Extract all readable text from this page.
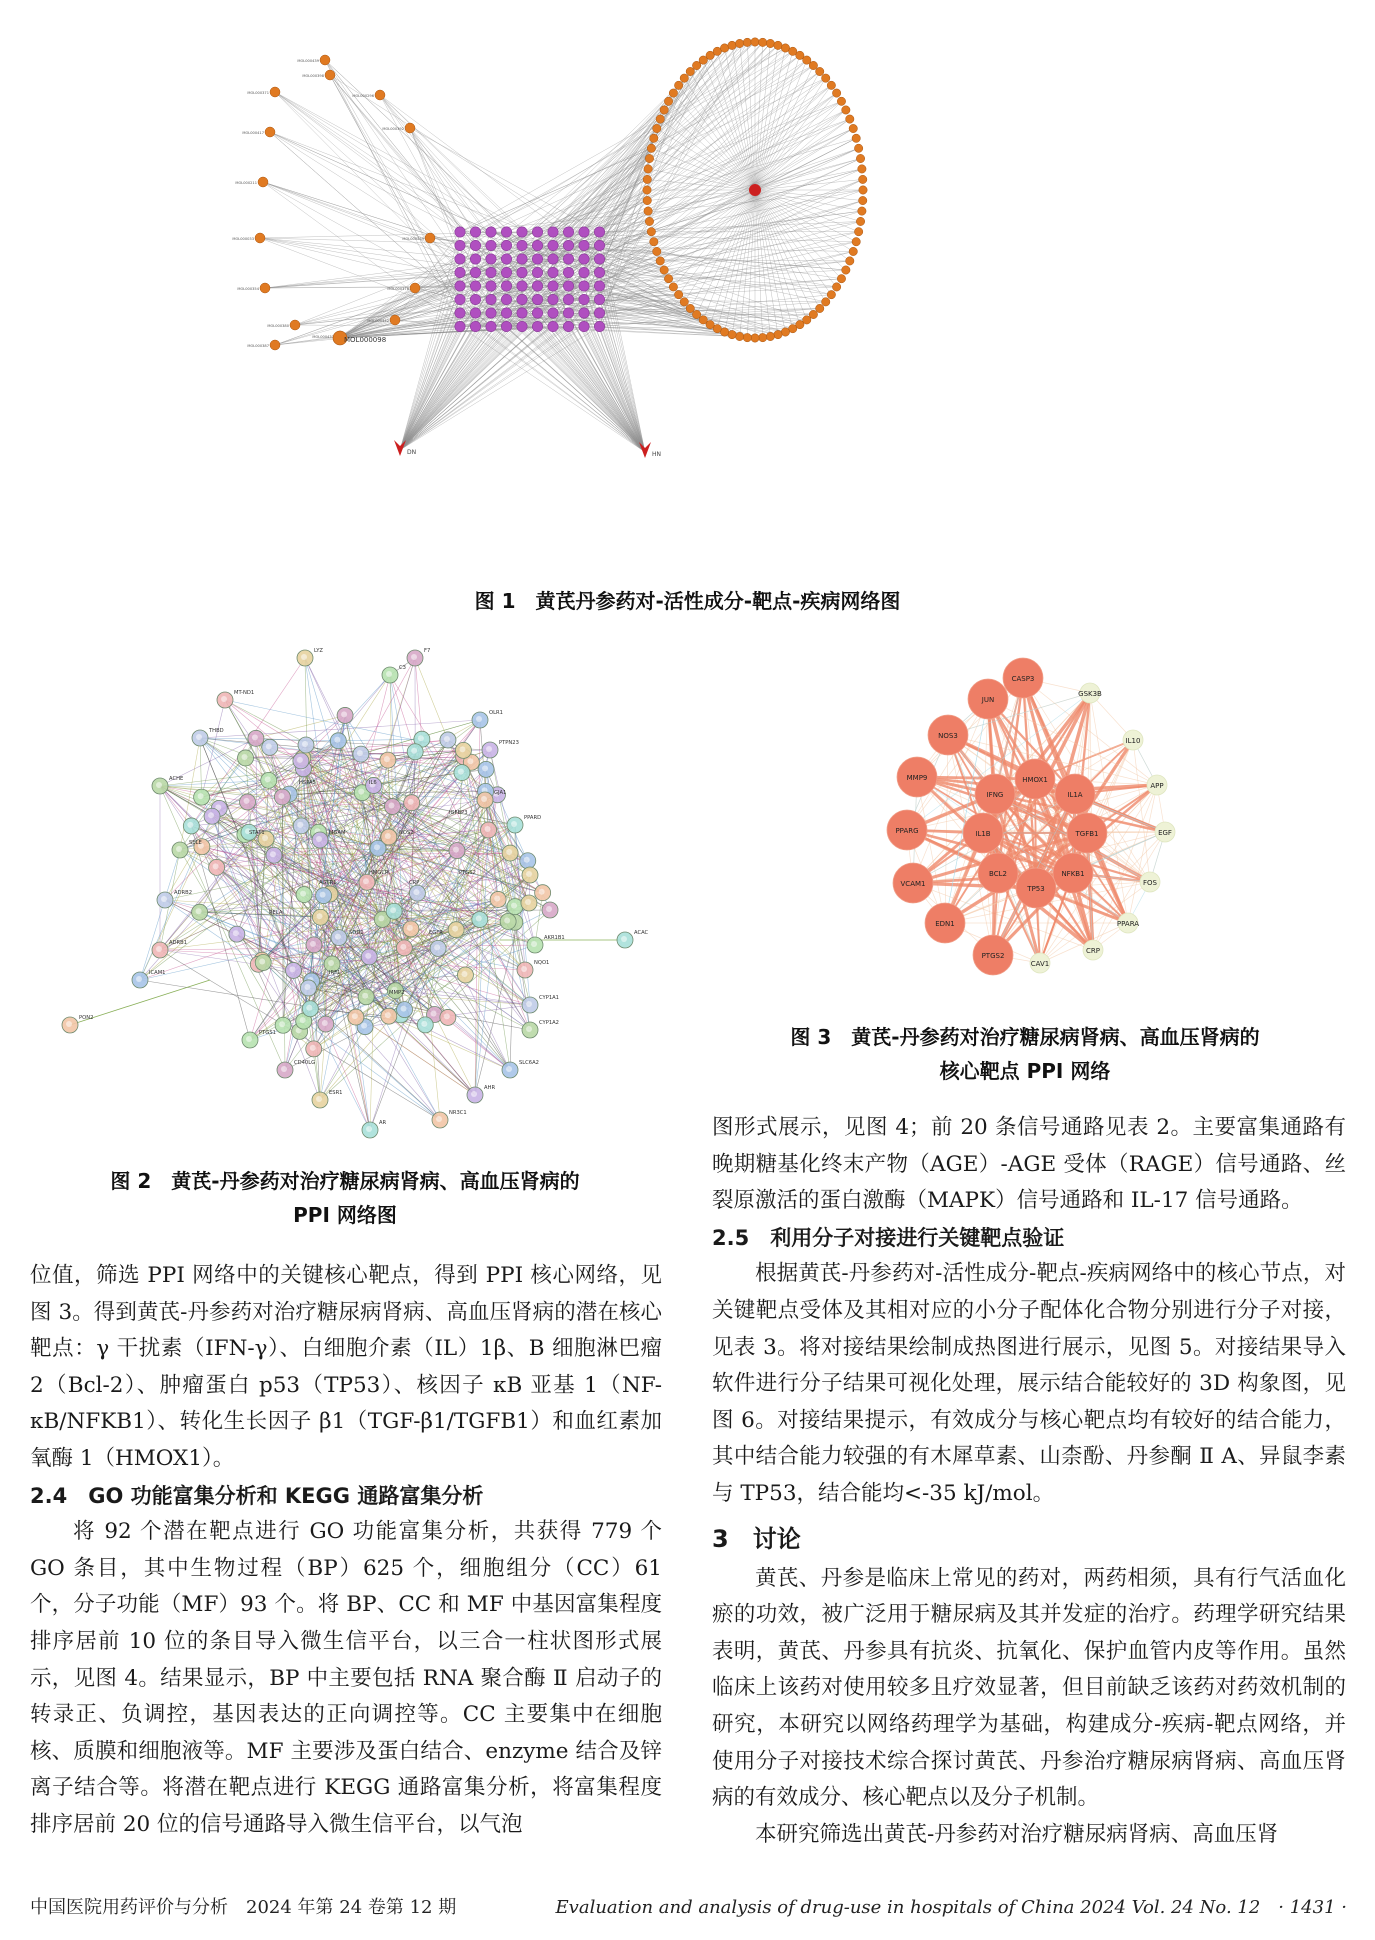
MOL000371
MOL000398
MOL000296
MOL000392
MOL000417
MOL000211
MOL000033	MOL000239
MOL000354	MOL000378
MOL000380
MOL000387
MOL000433
MOL000439
MOL000442
MOL000098
DN	HN
图 1　黄芪丹参药对-活性成分-靶点-疾病网络图
LYZ	F7
C3
MT-ND1
THBD
ACHE
OLR1
PTPN23
GJA1
PPARD
PON2
ACAC
AKR1B1
NQO1
CYP1A1
CYP1A2
SLC6A2
AHR
NR3C1
AR
ESR1
CD40LG
PTGS1
ADRB1
ADRB2
SELE
ICAM1
MGAM
HMGCR
AGTR1
NOS2
SOD1
RELA
EGFR
HSPA5
IGFBP3
IL6
MMP2
STAT1
IRF1
CRP
PTGS2
图 2　黄芪-丹参药对治疗糖尿病肾病、高血压肾病的
PPI 网络图
CASP3
GSK3B
IL10
APP
EGF
FOS
PPARA
CRP
CAV1
PTGS2
EDN1
VCAM1
PPARG
MMP9
NOS3
JUN
HMOX1
IL1A
TGFB1
NFKB1
TP53
BCL2
IL1B
IFNG
图 3　黄芪-丹参药对治疗糖尿病肾病、高血压肾病的
核心靶点 PPI 网络

位值，筛选 PPI 网络中的关键核心靶点，得到 PPI 核心网络，见图 3。得到黄芪-丹参药对治疗糖尿病肾病、高血压肾病的潜在核心靶点：γ 干扰素（IFN-γ）、白细胞介素（IL）1β、B 细胞淋巴瘤 2（Bcl-2）、肿瘤蛋白 p53（TP53）、核因子 κB 亚基 1（NF-κB/NFKB1）、转化生长因子 β1（TGF-β1/TGFB1）和血红素加氧酶 1（HMOX1）。

2.4　GO 功能富集分析和 KEGG 通路富集分析

将 92 个潜在靶点进行 GO 功能富集分析，共获得 779 个 GO 条目，其中生物过程（BP）625 个，细胞组分（CC）61 个，分子功能（MF）93 个。将 BP、CC 和 MF 中基因富集程度排序居前 10 位的条目导入微生信平台，以三合一柱状图形式展示，见图 4。结果显示，BP 中主要包括 RNA 聚合酶 Ⅱ 启动子的转录正、负调控，基因表达的正向调控等。CC 主要集中在细胞核、质膜和细胞液等。MF 主要涉及蛋白结合、enzyme 结合及锌离子结合等。将潜在靶点进行 KEGG 通路富集分析，将富集程度排序居前 20 位的信号通路导入微生信平台，以气泡

图形式展示，见图 4；前 20 条信号通路见表 2。主要富集通路有晚期糖基化终末产物（AGE）-AGE 受体（RAGE）信号通路、丝裂原激活的蛋白激酶（MAPK）信号通路和 IL-17 信号通路。

2.5　利用分子对接进行关键靶点验证

根据黄芪-丹参药对-活性成分-靶点-疾病网络中的核心节点，对关键靶点受体及其相对应的小分子配体化合物分别进行分子对接，见表 3。将对接结果绘制成热图进行展示，见图 5。对接结果导入软件进行分子结果可视化处理，展示结合能较好的 3D 构象图，见图 6。对接结果提示，有效成分与核心靶点均有较好的结合能力，其中结合能力较强的有木犀草素、山柰酚、丹参酮 Ⅱ A、异鼠李素与 TP53，结合能均<-35 kJ/mol。

3　讨论

黄芪、丹参是临床上常见的药对，两药相须，具有行气活血化瘀的功效，被广泛用于糖尿病及其并发症的治疗。药理学研究结果表明，黄芪、丹参具有抗炎、抗氧化、保护血管内皮等作用。虽然临床上该药对使用较多且疗效显著，但目前缺乏该药对药效机制的研究，本研究以网络药理学为基础，构建成分-疾病-靶点网络，并使用分子对接技术综合探讨黄芪、丹参治疗糖尿病肾病、高血压肾病的有效成分、核心靶点以及分子机制。

本研究筛选出黄芪-丹参药对治疗糖尿病肾病、高血压肾

中国医院用药评价与分析　2024 年第 24 卷第 12 期	Evaluation and analysis of drug-use in hospitals of China 2024 Vol. 24 No. 12　· 1431 ·
